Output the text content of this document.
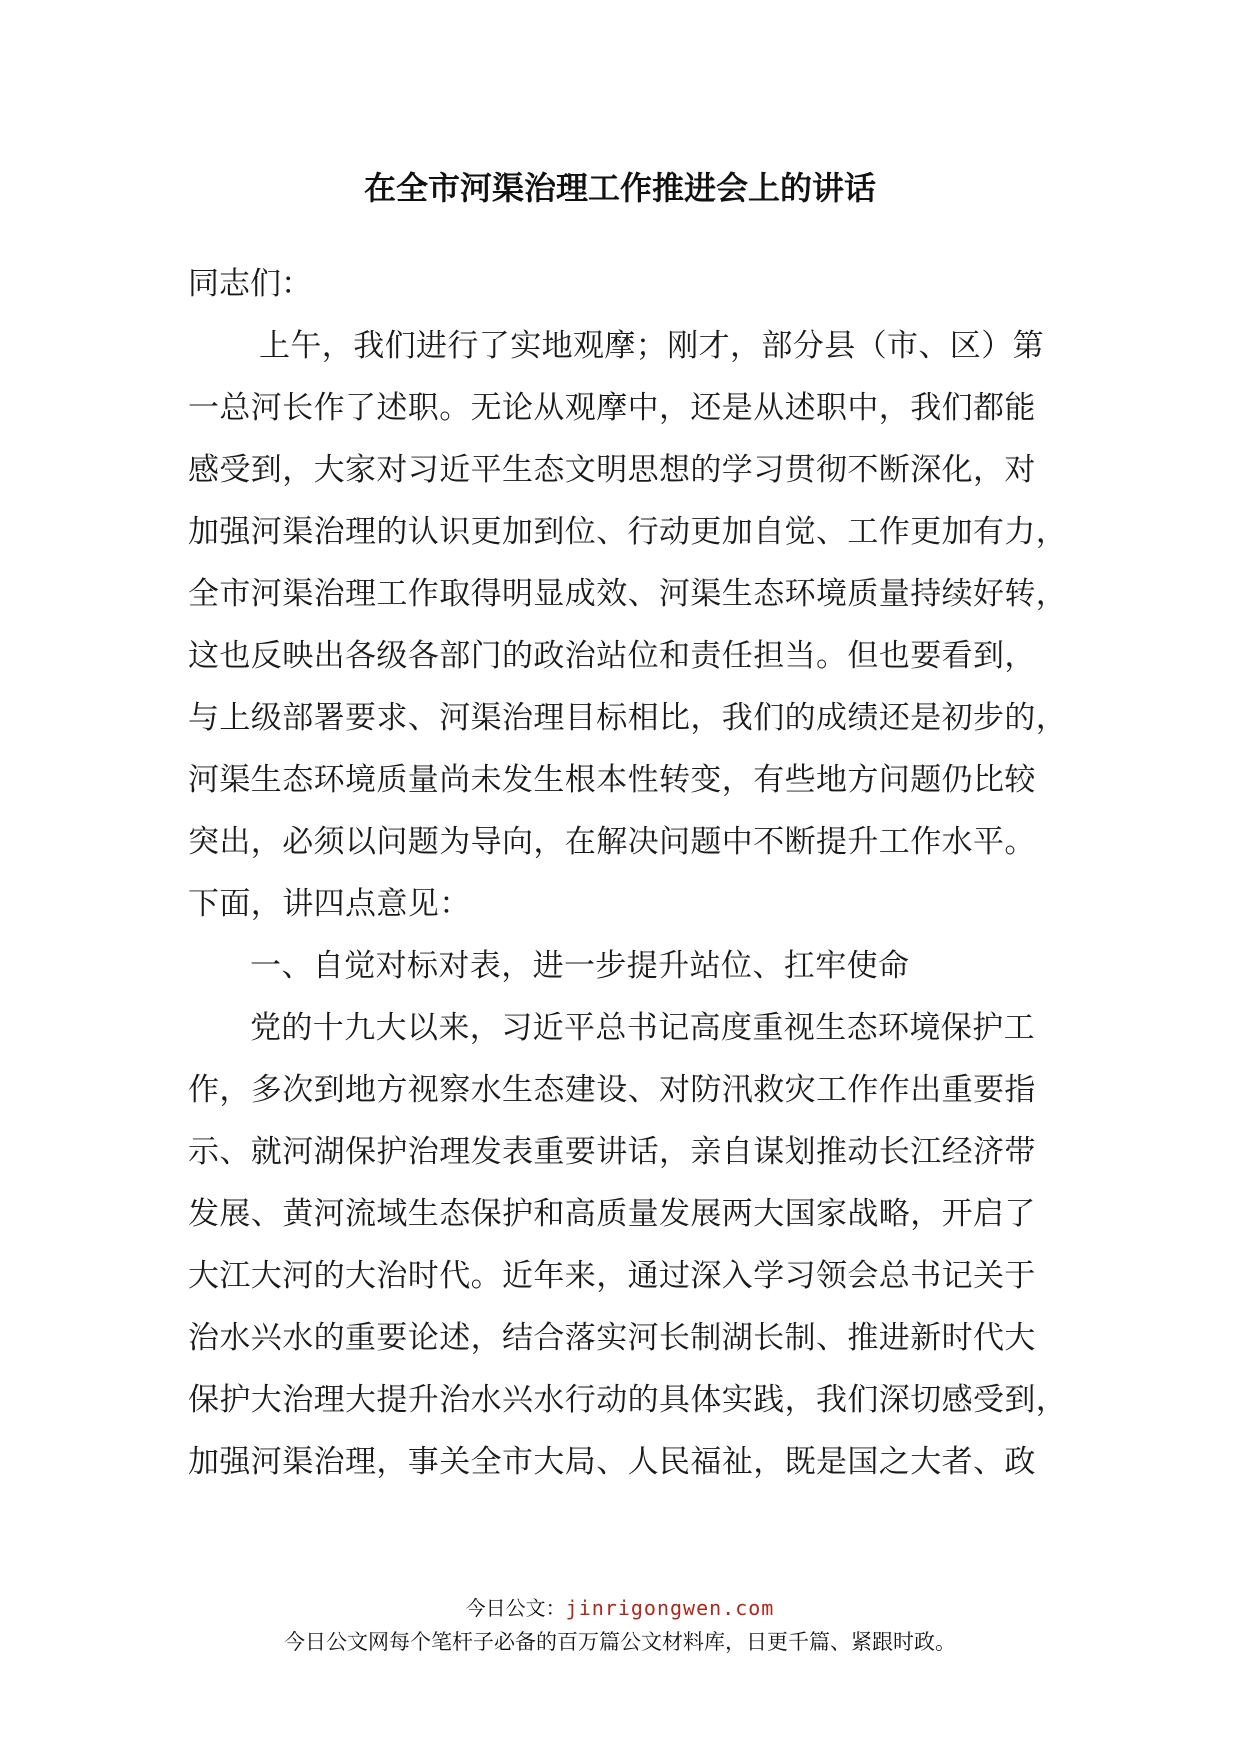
在全市河渠治理工作推进会上的讲话
同志们：
上午，我们进行了实地观摩；刚才，部分县（市、区）第
一总河长作了述职。无论从观摩中，还是从述职中，我们都能
感受到，大家对习近平生态文明思想的学习贯彻不断深化，对
加强河渠治理的认识更加到位、行动更加自觉、工作更加有力，
全市河渠治理工作取得明显成效、河渠生态环境质量持续好转，
这也反映出各级各部门的政治站位和责任担当。但也要看到，
与上级部署要求、河渠治理目标相比，我们的成绩还是初步的，
河渠生态环境质量尚未发生根本性转变，有些地方问题仍比较
突出，必须以问题为导向，在解决问题中不断提升工作水平。
下面，讲四点意见：
一、自觉对标对表，进一步提升站位、扛牢使命
党的十九大以来，习近平总书记高度重视生态环境保护工
作，多次到地方视察水生态建设、对防汛救灾工作作出重要指
示、就河湖保护治理发表重要讲话，亲自谋划推动长江经济带
发展、黄河流域生态保护和高质量发展两大国家战略，开启了
大江大河的大治时代。近年来，通过深入学习领会总书记关于
治水兴水的重要论述，结合落实河长制湖长制、推进新时代大
保护大治理大提升治水兴水行动的具体实践，我们深切感受到，
加强河渠治理，事关全市大局、人民福祉，既是国之大者、政
今日公文：jinrigongwen.com
今日公文网每个笔杆子必备的百万篇公文材料库，日更千篇、紧跟时政。
